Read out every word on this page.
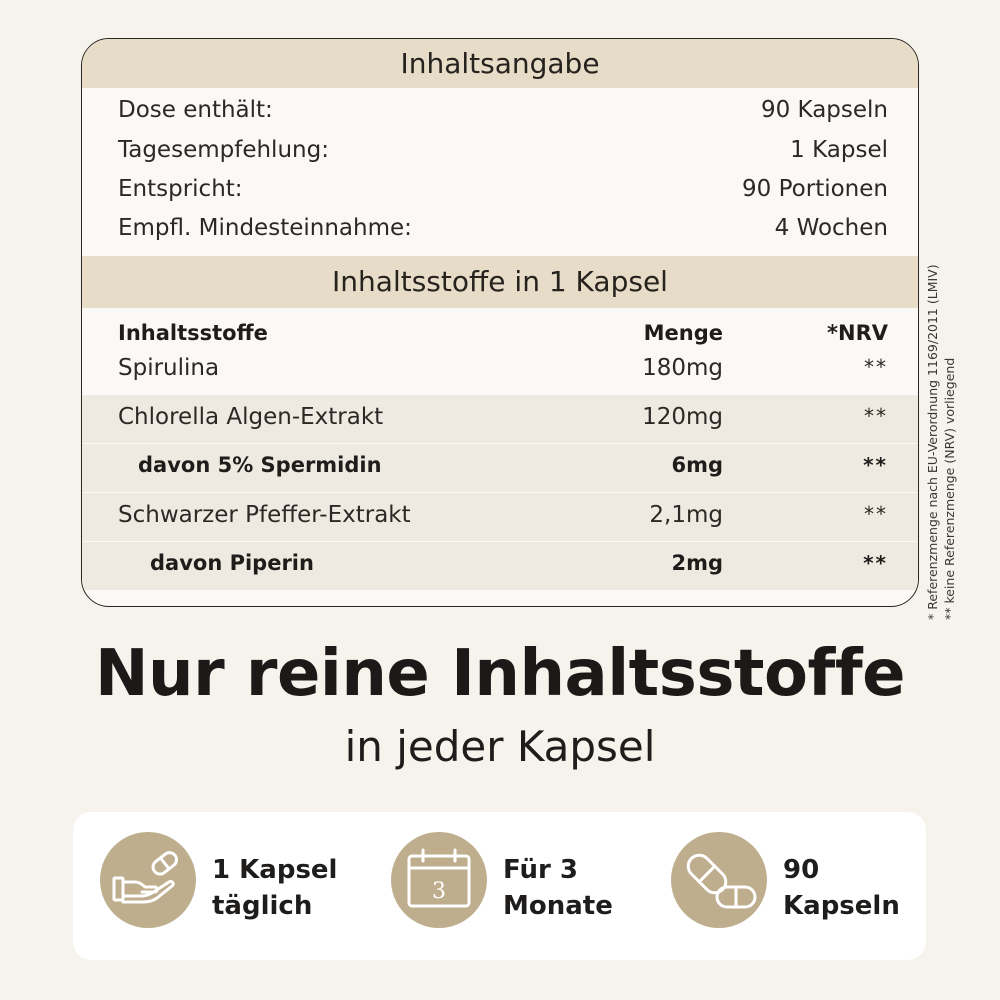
Inhaltsangabe
Dose enthält:	90 Kapseln
Tagesempfehlung:	1 Kapsel
Entspricht:	90 Portionen
Empfl. Mindesteinnahme:	4 Wochen
Inhaltsstoffe in 1 Kapsel
Inhaltsstoffe	Menge	*NRV
Spirulina	180mg	**
Chlorella Algen-Extrakt	120mg	**
davon 5% Spermidin	6mg	**
Schwarzer Pfeffer-Extrakt	2,1mg	**
davon Piperin	2mg	**	* Referenzmenge nach EU-Verordnung 1169/2011 (LMIV) ** keine Referenzmenge (NRV) vorliegend
Nur reine Inhaltsstoffe
in jeder Kapsel
1 Kapsel
täglich	3
Für 3
Monate
90
Kapseln
